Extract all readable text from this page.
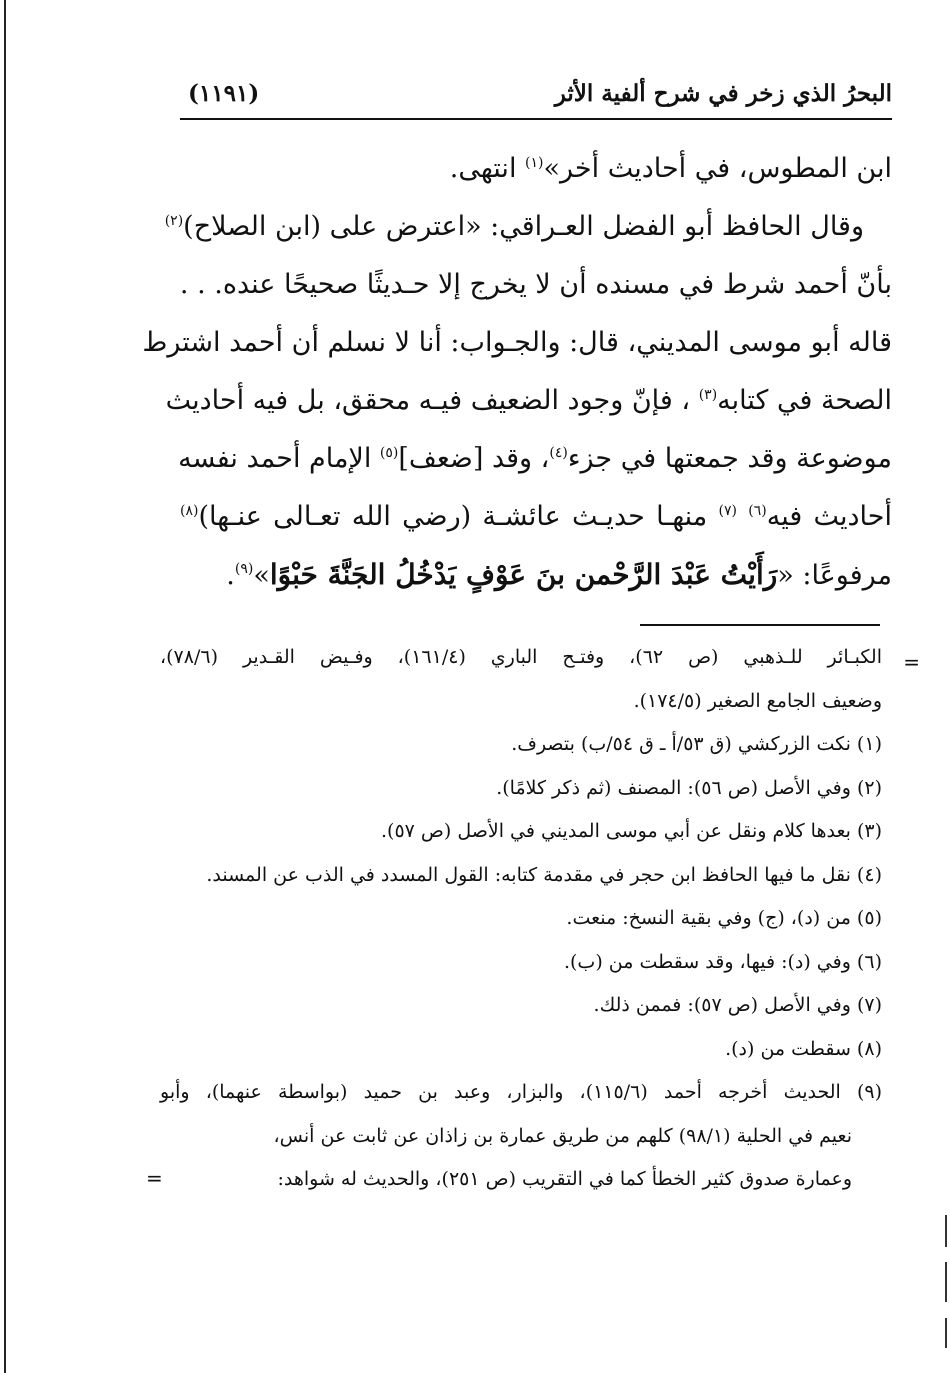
البحرُ الذي زخر في شرح ألفية الأثر
(١١٩١)
ابن المطوس، في أحاديث أخر»$^{(١)}$ انتهى.
وقال الحافظ أبو الفضل العـراقي: «اعترض على (ابن الصلاح)$^{(٢)}$
بأنّ أحمد شرط في مسنده أن لا يخرج إلا حـديثًا صحيحًا عنده. . .
قاله أبو موسى المديني، قال: والجـواب: أنا لا نسلم أن أحمد اشترط
الصحة في كتابه$^{(٣)}$ ، فإنّ وجود الضعيف فيـه محقق، بل فيه أحاديث
موضوعة وقد جمعتها في جزء$^{(٤)}$، وقد [ضعف]$^{(٥)}$ الإمام أحمد نفسه
أحاديث فيه$^{(٦)}$ $^{(٧)}$ منهـا حديـث عائشـة (رضي الله تعـالى عنـها)$^{(٨)}$
مرفوعًا: «رَأَيْتُ عَبْدَ الرَّحْمن بنَ عَوْفٍ يَدْخُلُ الجَنَّةَ حَبْوًا»$^{(٩)}$.
=
الكبـائر للـذهبي (ص ٦٢)، وفتـح الباري (١٦١/٤)، وفـيض القـدير (٧٨/٦)،
وضعيف الجامع الصغير (١٧٤/٥).
(١) نكت الزركشي (ق ٥٣/أ ـ ق ٥٤/ب) بتصرف.
(٢) وفي الأصل (ص ٥٦): المصنف (ثم ذكر كلامًا).
(٣) بعدها كلام ونقل عن أبي موسى المديني في الأصل (ص ٥٧).
(٤) نقل ما فيها الحافظ ابن حجر في مقدمة كتابه: القول المسدد في الذب عن المسند.
(٥) من (د)، (ج) وفي بقية النسخ: منعت.
(٦) وفي (د): فيها، وقد سقطت من (ب).
(٧) وفي الأصل (ص ٥٧): فممن ذلك.
(٨) سقطت من (د).
(٩) الحديث أخرجه أحمد (١١٥/٦)، والبزار، وعبد بن حميد (بواسطة عنهما)، وأبو
نعيم في الحلية (٩٨/١) كلهم من طريق عمارة بن زاذان عن ثابت عن أنس،
وعمارة صدوق كثير الخطأ كما في التقريب (ص ٢٥١)، والحديث له شواهد:
=
